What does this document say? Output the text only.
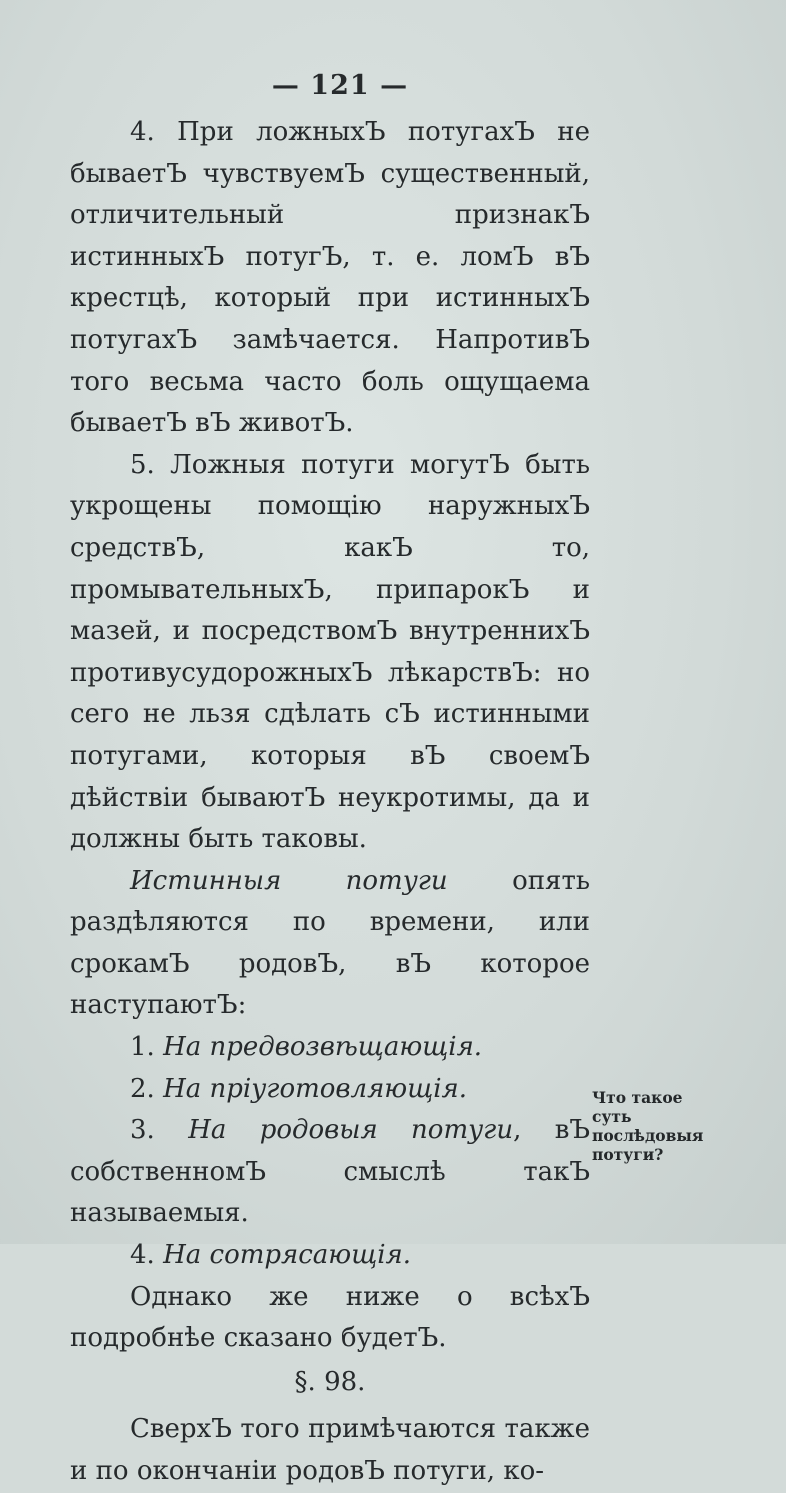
— 121 —

4. При ложныхЪ потугахЪ не бываетЪ чувствуемЪ существенный, отличительный признакЪ истинныхЪ потугЪ, т. е. ломЪ вЪ крестцѣ, который при истинныхЪ потугахЪ замѣчается. НапротивЪ того весьма часто боль ощущаема бываетЪ вЪ животЪ.

5. Ложныя потуги могутЪ быть укрощены помощію наружныхЪ средствЪ, какЪ то, промывательныхЪ, припарокЪ и мазей, и посредствомЪ внутреннихЪ противусудорожныхЪ лѣкарствЪ: но сего не льзя сдѣлать сЪ истинными потугами, которыя вЪ своемЪ дѣйствіи бываютЪ неукротимы, да и должны быть таковы.

Истинныя потуги опять раздѣляются по времени, или срокамЪ родовЪ, вЪ которое наступаютЪ:

1. На предвозвѣщающія.

2. На пріуготовляющія.

3. На родовыя потуги, вЪ собственномЪ смыслѣ такЪ называемыя.

4. На сотрясающія.

Однако же ниже о всѣхЪ подробнѣе сказано будетЪ.

§. 98.

СверхЪ того примѣчаются также и по окончаніи родовЪ потуги, ко-

Что такое суть послѣдовыя потуги?
